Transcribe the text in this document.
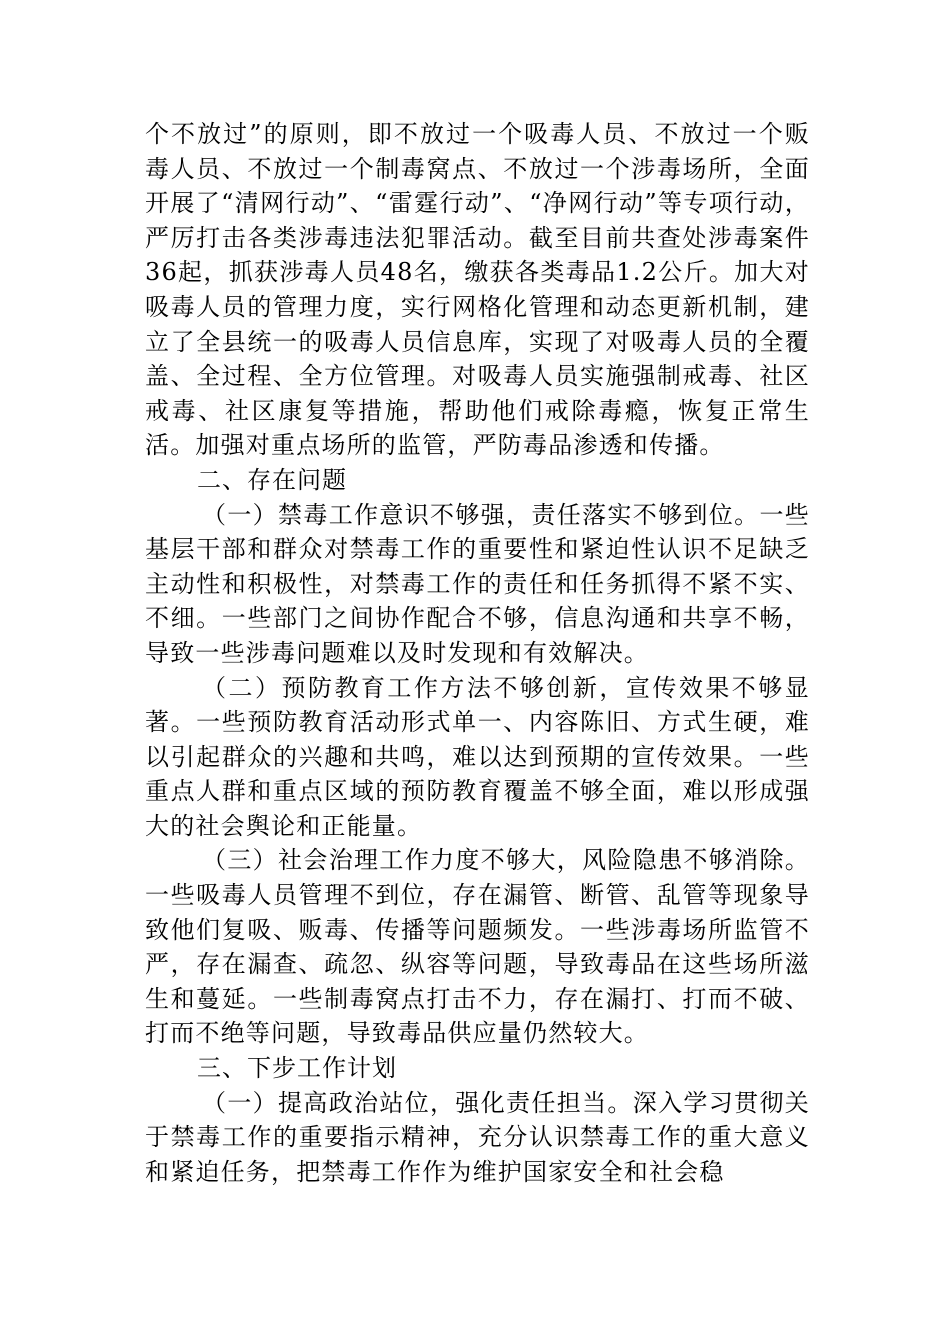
个不放过”的原则，即不放过一个吸毒人员、不放过一个贩毒人员、不放过一个制毒窝点、不放过一个涉毒场所，全面开展了“清网行动”、“雷霆行动”、“净网行动”等专项行动，严厉打击各类涉毒违法犯罪活动。截至目前共查处涉毒案件36起，抓获涉毒人员48名，缴获各类毒品1.2公斤。加大对吸毒人员的管理力度，实行网格化管理和动态更新机制，建立了全县统一的吸毒人员信息库，实现了对吸毒人员的全覆盖、全过程、全方位管理。对吸毒人员实施强制戒毒、社区戒毒、社区康复等措施，帮助他们戒除毒瘾，恢复正常生活。加强对重点场所的监管，严防毒品渗透和传播。

二、存在问题

（一）禁毒工作意识不够强，责任落实不够到位。一些基层干部和群众对禁毒工作的重要性和紧迫性认识不足缺乏主动性和积极性，对禁毒工作的责任和任务抓得不紧不实、不细。一些部门之间协作配合不够，信息沟通和共享不畅，导致一些涉毒问题难以及时发现和有效解决。

（二）预防教育工作方法不够创新，宣传效果不够显著。一些预防教育活动形式单一、内容陈旧、方式生硬，难以引起群众的兴趣和共鸣，难以达到预期的宣传效果。一些重点人群和重点区域的预防教育覆盖不够全面，难以形成强大的社会舆论和正能量。

（三）社会治理工作力度不够大，风险隐患不够消除。一些吸毒人员管理不到位，存在漏管、断管、乱管等现象导致他们复吸、贩毒、传播等问题频发。一些涉毒场所监管不严，存在漏查、疏忽、纵容等问题，导致毒品在这些场所滋生和蔓延。一些制毒窝点打击不力，存在漏打、打而不破、打而不绝等问题，导致毒品供应量仍然较大。

三、下步工作计划

（一）提高政治站位，强化责任担当。深入学习贯彻关于禁毒工作的重要指示精神，充分认识禁毒工作的重大意义和紧迫任务，把禁毒工作作为维护国家安全和社会稳
